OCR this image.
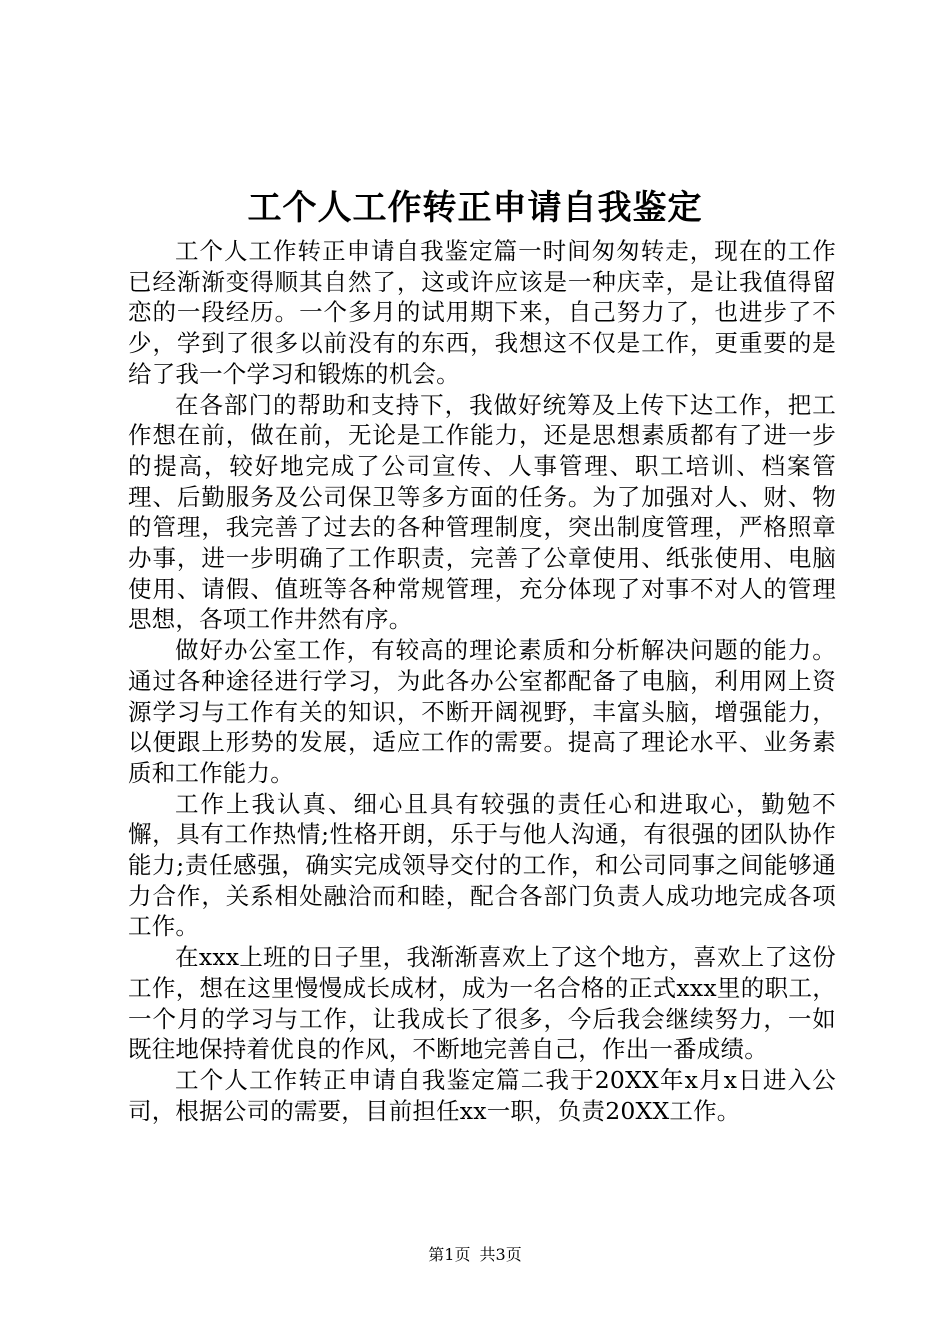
工个人工作转正申请自我鉴定

工个人工作转正申请自我鉴定篇一时间匆匆转走，现在的工作已经渐渐变得顺其自然了，这或许应该是一种庆幸，是让我值得留恋的一段经历。一个多月的试用期下来，自己努力了，也进步了不少，学到了很多以前没有的东西，我想这不仅是工作，更重要的是给了我一个学习和锻炼的机会。

在各部门的帮助和支持下，我做好统筹及上传下达工作，把工作想在前，做在前，无论是工作能力，还是思想素质都有了进一步的提高，较好地完成了公司宣传、人事管理、职工培训、档案管理、后勤服务及公司保卫等多方面的任务。为了加强对人、财、物的管理，我完善了过去的各种管理制度，突出制度管理，严格照章办事，进一步明确了工作职责，完善了公章使用、纸张使用、电脑使用、请假、值班等各种常规管理，充分体现了对事不对人的管理思想，各项工作井然有序。

做好办公室工作，有较高的理论素质和分析解决问题的能力。通过各种途径进行学习，为此各办公室都配备了电脑，利用网上资源学习与工作有关的知识，不断开阔视野，丰富头脑，增强能力，以便跟上形势的发展，适应工作的需要。提高了理论水平、业务素质和工作能力。

工作上我认真、细心且具有较强的责任心和进取心，勤勉不懈，具有工作热情;性格开朗，乐于与他人沟通，有很强的团队协作能力;责任感强，确实完成领导交付的工作，和公司同事之间能够通力合作，关系相处融洽而和睦，配合各部门负责人成功地完成各项工作。

在xxx上班的日子里，我渐渐喜欢上了这个地方，喜欢上了这份工作，想在这里慢慢成长成材，成为一名合格的正式xxx里的职工，一个月的学习与工作，让我成长了很多，今后我会继续努力，一如既往地保持着优良的作风，不断地完善自己，作出一番成绩。

工个人工作转正申请自我鉴定篇二我于20XX年x月x日进入公司，根据公司的需要，目前担任xx一职，负责20XX工作。

第1页 共3页
